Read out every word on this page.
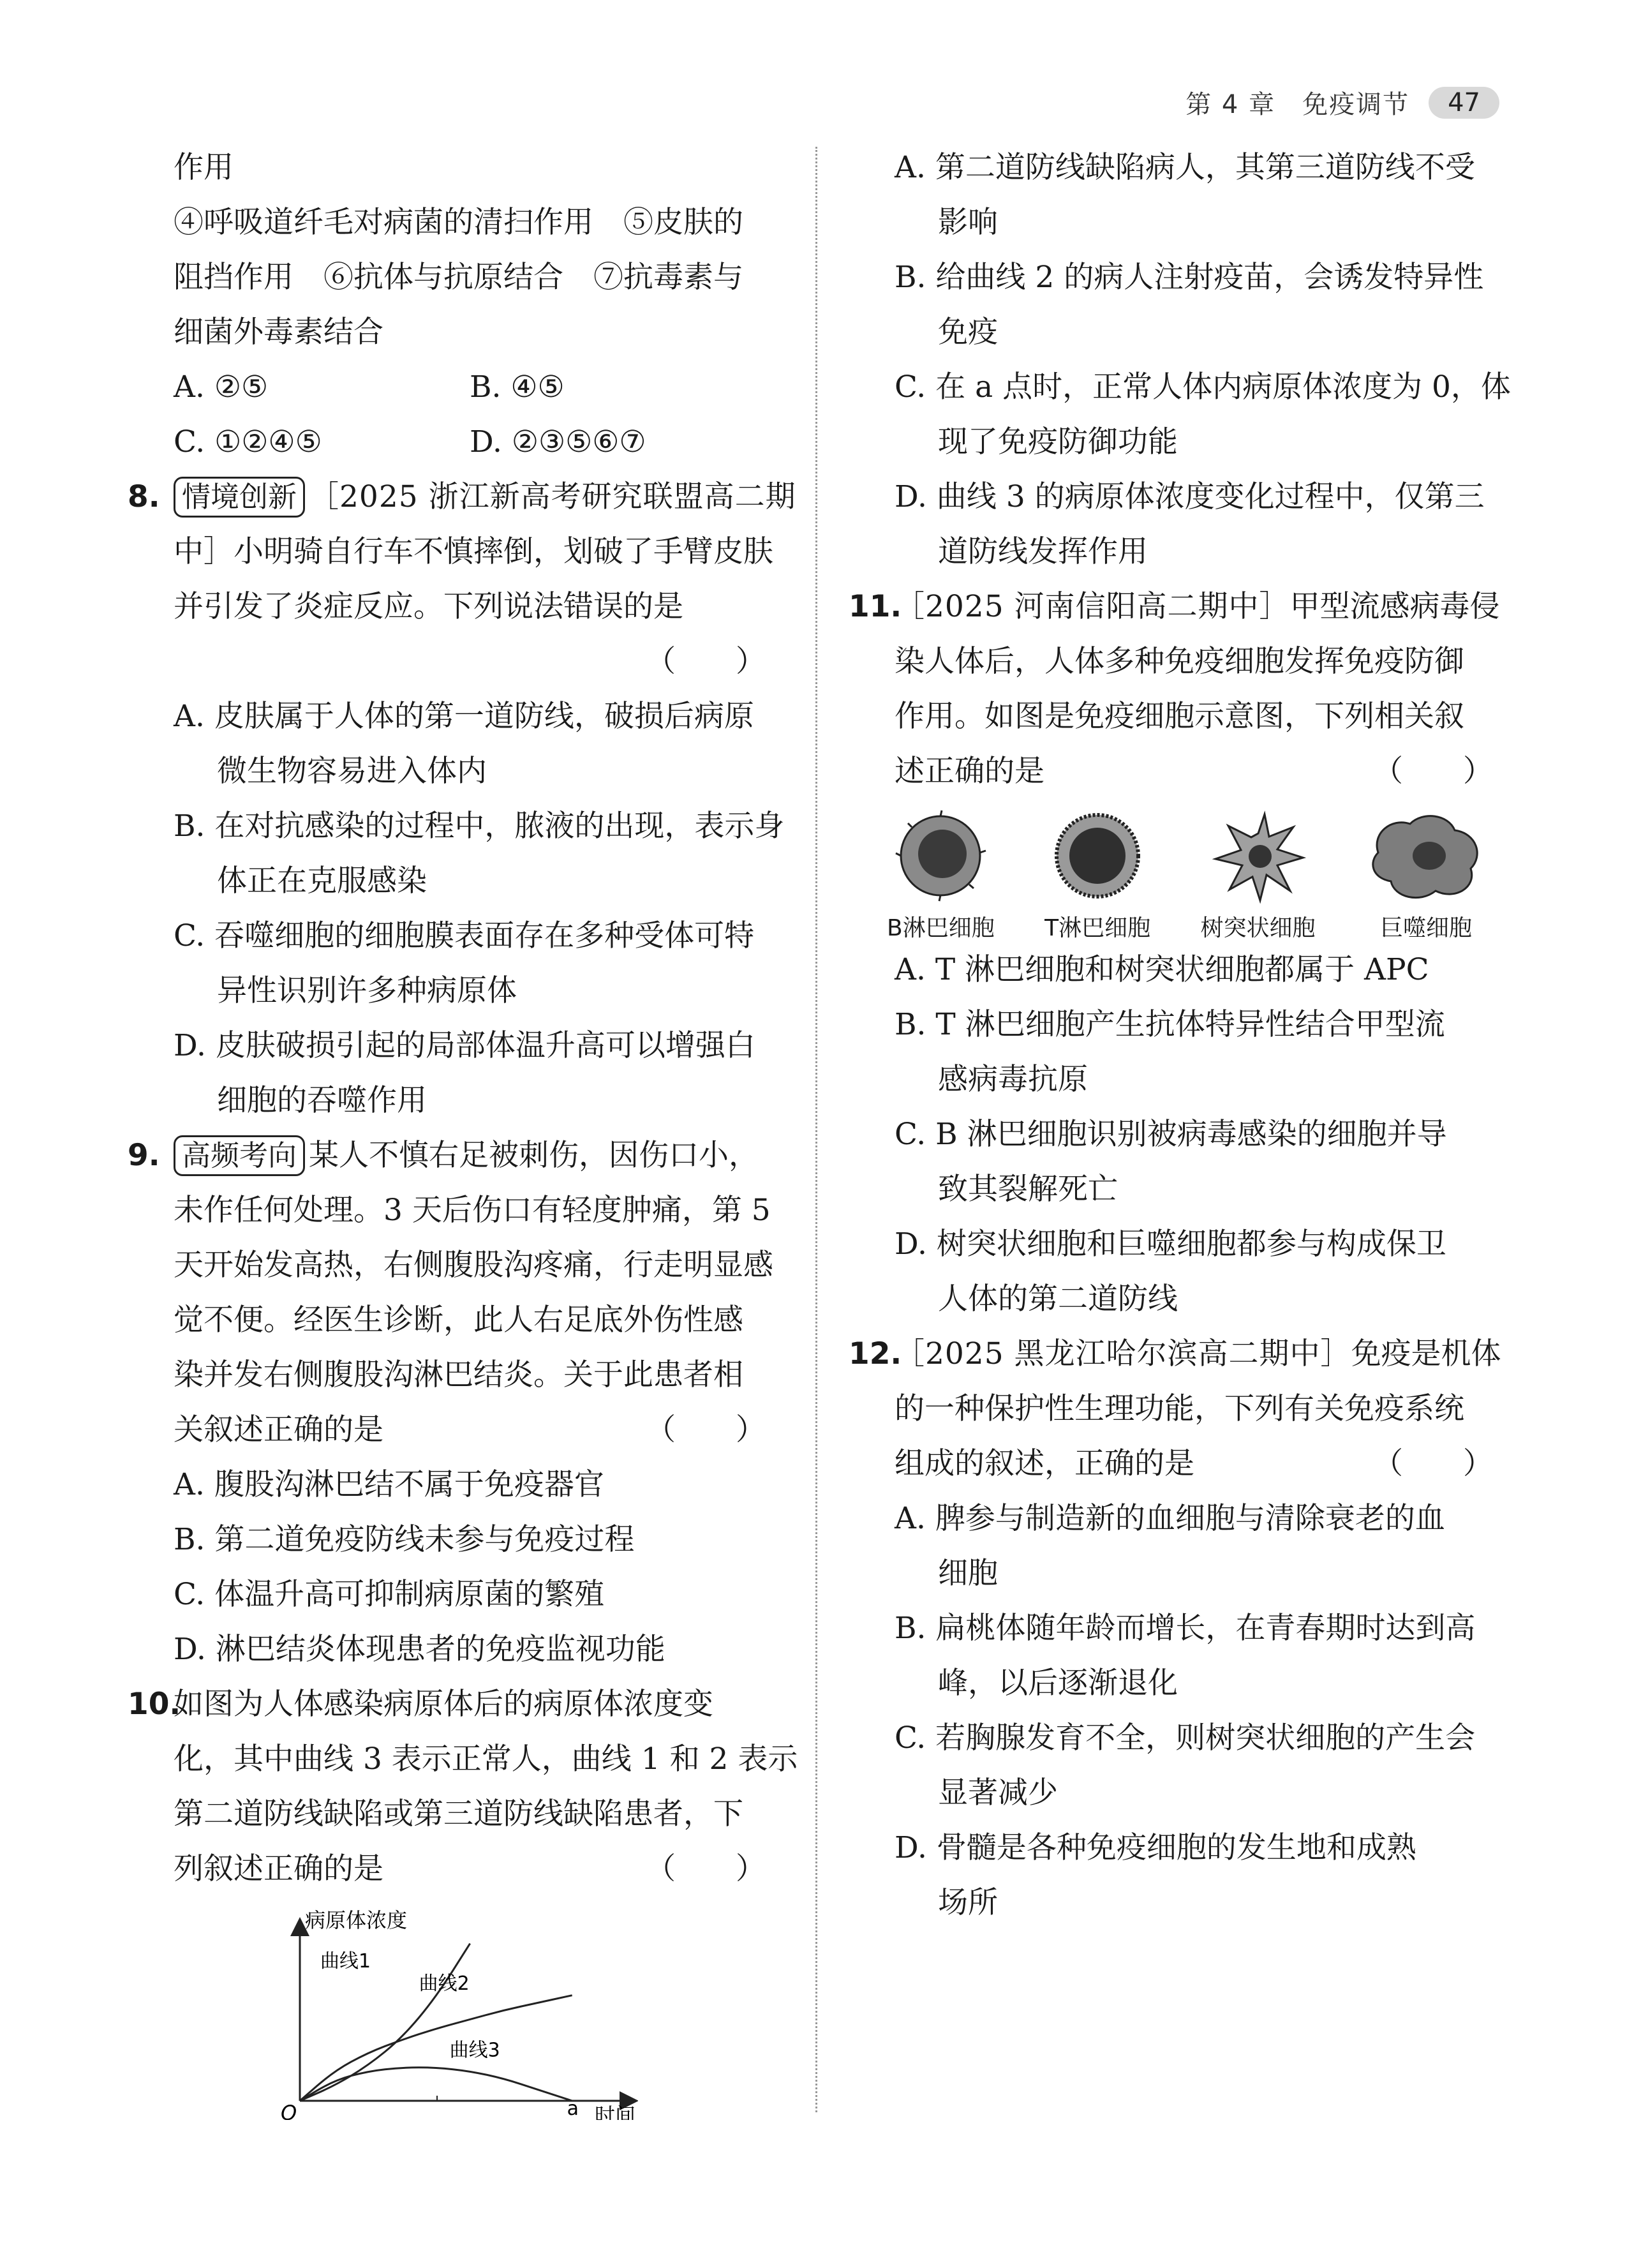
第 4 章　免疫调节	47
作用
④呼吸道纤毛对病菌的清扫作用　⑤皮肤的
阻挡作用　⑥抗体与抗原结合　⑦抗毒素与
细菌外毒素结合
A. ②⑤	B. ④⑤
C. ①②④⑤	D. ②③⑤⑥⑦
8. 情境创新 ［2025 浙江新高考研究联盟高二期
中］小明骑自行车不慎摔倒，划破了手臂皮肤
并引发了炎症反应。下列说法错误的是
（　　）

A. 皮肤属于人体的第一道防线，破损后病原
微生物容易进入体内
B. 在对抗感染的过程中，脓液的出现，表示身
体正在克服感染
C. 吞噬细胞的细胞膜表面存在多种受体可特
异性识别许多种病原体
D. 皮肤破损引起的局部体温升高可以增强白
细胞的吞噬作用
9. 高频考向 某人不慎右足被刺伤，因伤口小，
未作任何处理。3 天后伤口有轻度肿痛，第 5
天开始发高热，右侧腹股沟疼痛，行走明显感
觉不便。经医生诊断，此人右足底外伤性感
染并发右侧腹股沟淋巴结炎。关于此患者相
关叙述正确的是	（　　）
A. 腹股沟淋巴结不属于免疫器官
B. 第二道免疫防线未参与免疫过程
C. 体温升高可抑制病原菌的繁殖
D. 淋巴结炎体现患者的免疫监视功能
10.如图为人体感染病原体后的病原体浓度变
化，其中曲线 3 表示正常人，曲线 1 和 2 表示
第二道防线缺陷或第三道防线缺陷患者，下
列叙述正确的是	（　　）
病原体浓度
时间
O	a
曲线1
曲线2
曲线3
A. 第二道防线缺陷病人，其第三道防线不受
影响
B. 给曲线 2 的病人注射疫苗，会诱发特异性
免疫
C. 在 a 点时，正常人体内病原体浓度为 0，体
现了免疫防御功能
D. 曲线 3 的病原体浓度变化过程中，仅第三
道防线发挥作用
11.［2025 河南信阳高二期中］甲型流感病毒侵
染人体后，人体多种免疫细胞发挥免疫防御
作用。如图是免疫细胞示意图，下列相关叙
述正确的是	（　　）
B淋巴细胞 T淋巴细胞 树突状细胞	巨噬细胞
A. T 淋巴细胞和树突状细胞都属于 APC
B. T 淋巴细胞产生抗体特异性结合甲型流
感病毒抗原
C. B 淋巴细胞识别被病毒感染的细胞并导
致其裂解死亡
D. 树突状细胞和巨噬细胞都参与构成保卫
人体的第二道防线
12.［2025 黑龙江哈尔滨高二期中］免疫是机体
的一种保护性生理功能，下列有关免疫系统
组成的叙述，正确的是	（　　）
A. 脾参与制造新的血细胞与清除衰老的血
细胞
B. 扁桃体随年龄而增长，在青春期时达到高
峰，以后逐渐退化
C. 若胸腺发育不全，则树突状细胞的产生会
显著减少
D. 骨髓是各种免疫细胞的发生地和成熟
场所
